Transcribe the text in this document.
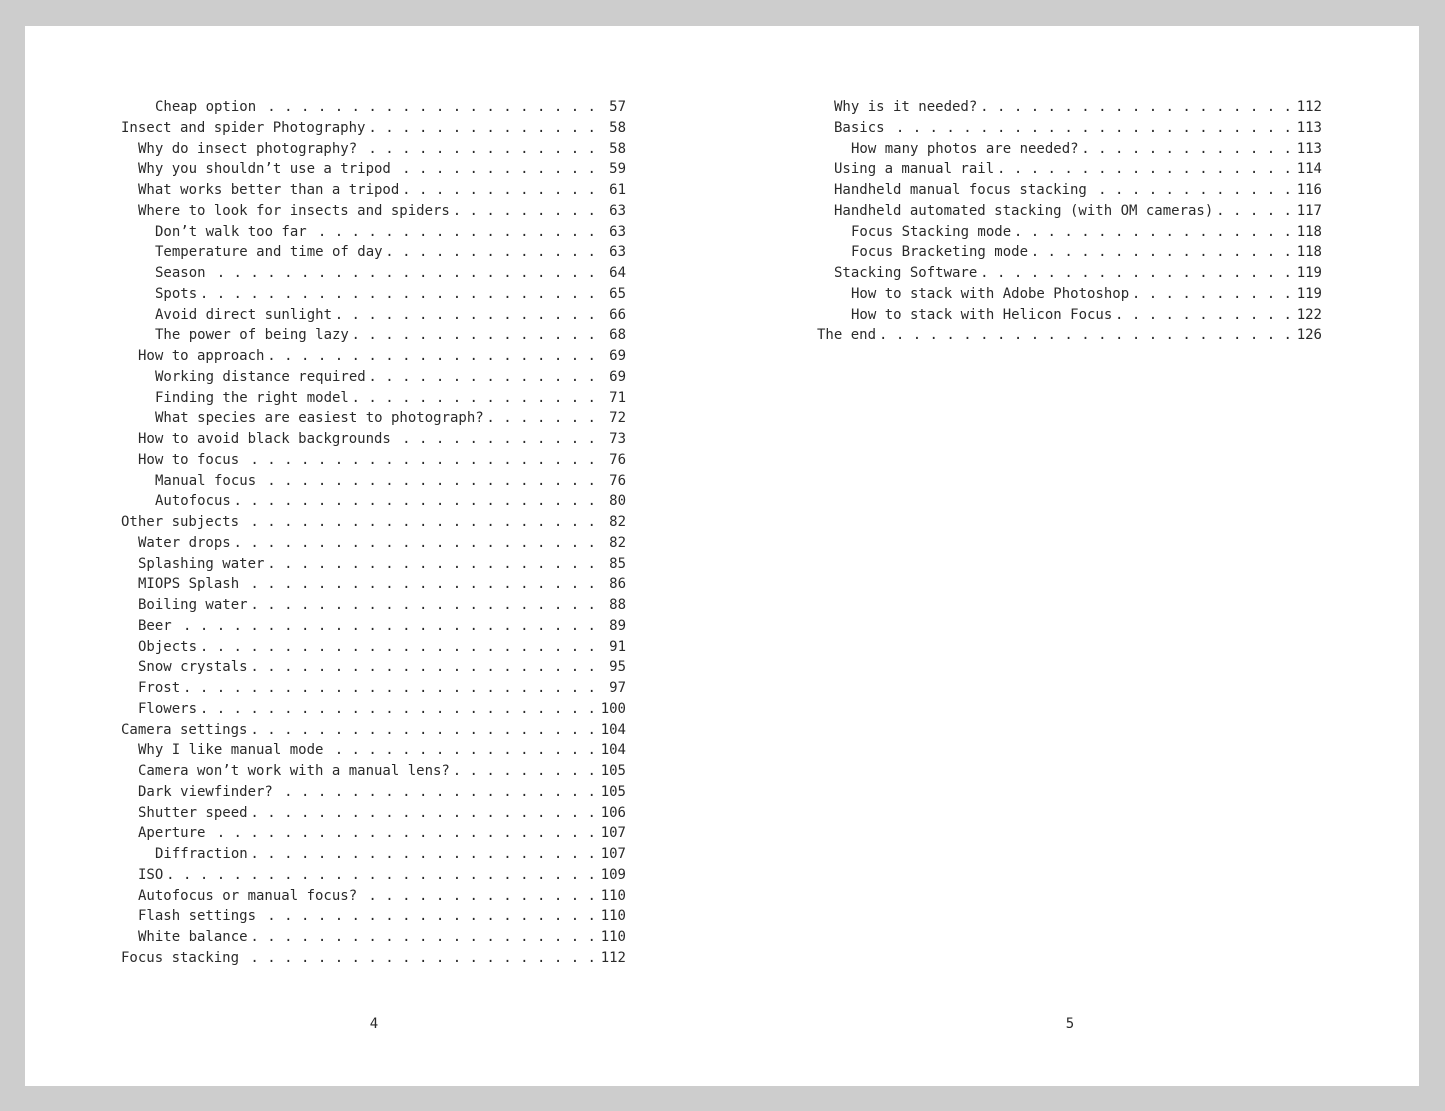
Cheap option . . .	57
Insect and spider Photography . . .	58
Why do insect photography? . . .	58
Why you shouldn’t use a tripod . . .	59
What works better than a tripod . . .	61
Where to look for insects and spiders . . .	63
Don’t walk too far . . .	63
Temperature and time of day . . .	63
Season . . .	64
Spots . . .	65
Avoid direct sunlight . . .	66
The power of being lazy . . .	68
How to approach . . .	69
Working distance required . . .	69
Finding the right model . . .	71
What species are easiest to photograph? . . .	72
How to avoid black backgrounds . . .	73
How to focus . . .	76
Manual focus . . .	76
Autofocus . . .	80
Other subjects . . .	82
Water drops . . .	82
Splashing water . . .	85
MIOPS Splash . . .	86
Boiling water . . .	88
Beer . . .	89
Objects . . .	91
Snow crystals . . .	95
Frost . . .	97
Flowers . . .	100
Camera settings . . .	104
Why I like manual mode . . .	104
Camera won’t work with a manual lens? . . .	105
Dark viewfinder? . . .	105
Shutter speed . . .	106
Aperture . . .	107
Diffraction . . .	107
ISO . . .	109
Autofocus or manual focus? . . .	110
Flash settings . . .	110
White balance . . .	110
Focus stacking . . .	112
Why is it needed? . . .	112
Basics . . .	113
How many photos are needed? . . .	113
Using a manual rail . . .	114
Handheld manual focus stacking . . .	116
Handheld automated stacking (with OM cameras) . . .	117
Focus Stacking mode . . .	118
Focus Bracketing mode . . .	118
Stacking Software . . .	119
How to stack with Adobe Photoshop . . .	119
How to stack with Helicon Focus . . .	122
The end . . .	126
4	5
